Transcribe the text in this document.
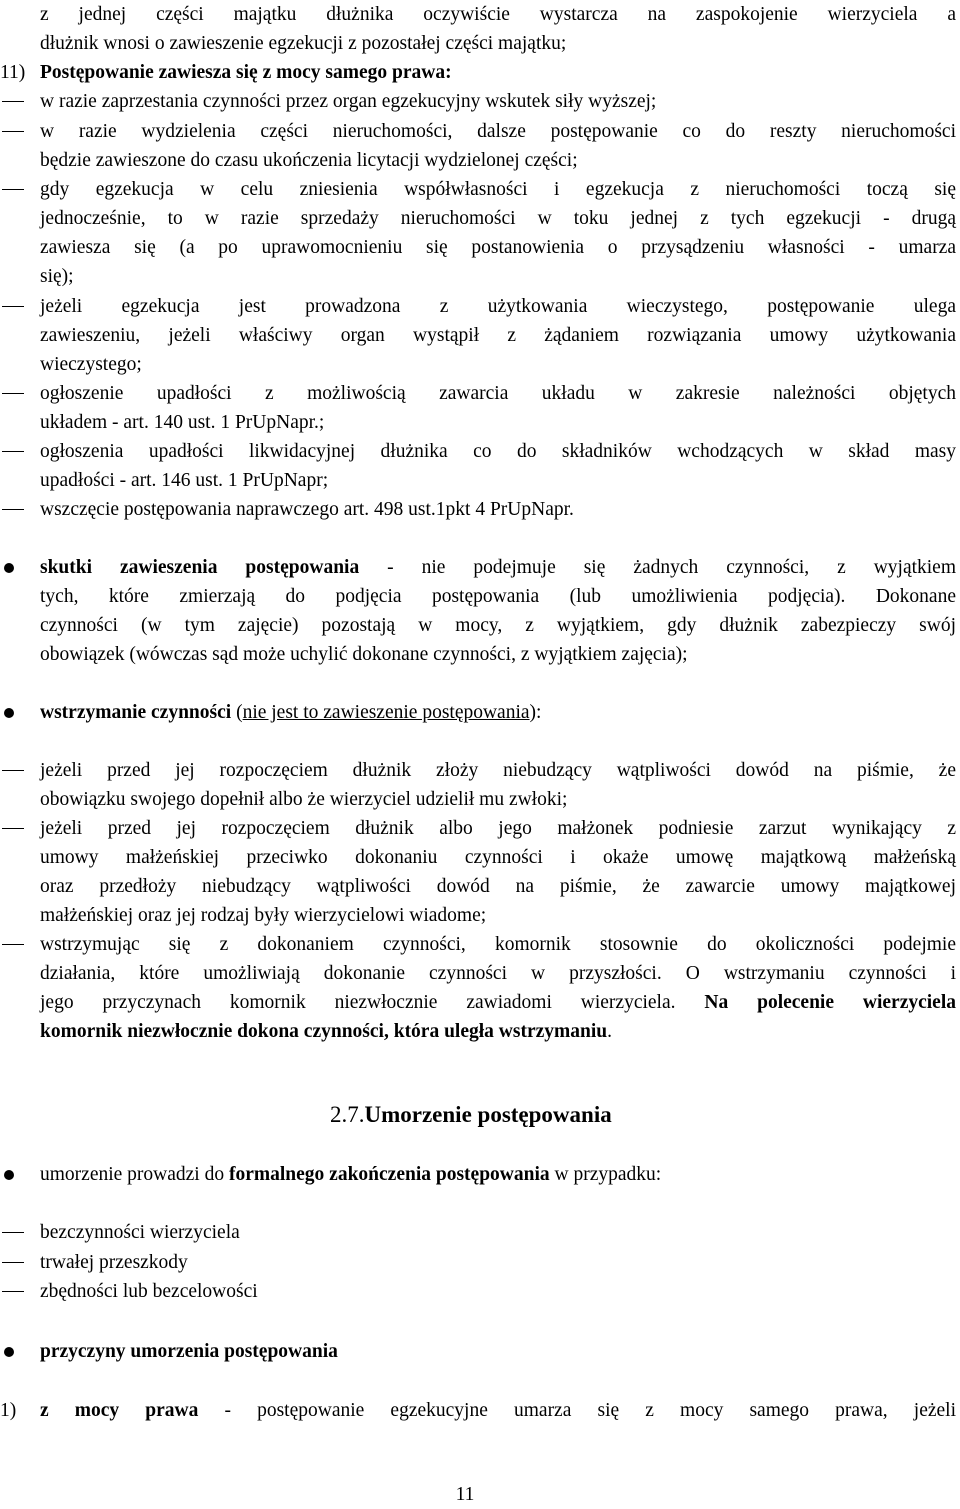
z jednej części majątku dłużnika oczywiście wystarcza na zaspokojenie wierzyciela a
dłużnik wnosi o zawieszenie egzekucji z pozostałej części majątku;
11) Postępowanie zawiesza się z mocy samego prawa:
w razie zaprzestania czynności przez organ egzekucyjny wskutek siły wyższej;
w razie wydzielenia części nieruchomości, dalsze postępowanie co do reszty nieruchomości
będzie zawieszone do czasu ukończenia licytacji wydzielonej części;
gdy egzekucja w celu zniesienia współwłasności i egzekucja z nieruchomości toczą się
jednocześnie, to w razie sprzedaży nieruchomości w toku jednej z tych egzekucji - drugą
zawiesza się (a po uprawomocnieniu się postanowienia o przysądzeniu własności - umarza
się);
jeżeli egzekucja jest prowadzona z użytkowania wieczystego, postępowanie ulega
zawieszeniu, jeżeli właściwy organ wystąpił z żądaniem rozwiązania umowy użytkowania
wieczystego;
ogłoszenie upadłości z możliwością zawarcia układu w zakresie należności objętych
układem - art. 140 ust. 1 PrUpNapr.;
ogłoszenia upadłości likwidacyjnej dłużnika co do składników wchodzących w skład masy
upadłości - art. 146 ust. 1 PrUpNapr;
wszczęcie postępowania naprawczego art. 498 ust.1pkt 4 PrUpNapr.
skutki zawieszenia postępowania - nie podejmuje się żadnych czynności, z wyjątkiem
tych, które zmierzają do podjęcia postępowania (lub umożliwienia podjęcia). Dokonane
czynności (w tym zajęcie) pozostają w mocy, z wyjątkiem, gdy dłużnik zabezpieczy swój
obowiązek (wówczas sąd może uchylić dokonane czynności, z wyjątkiem zajęcia);
wstrzymanie czynności (nie jest to zawieszenie postępowania):
jeżeli przed jej rozpoczęciem dłużnik złoży niebudzący wątpliwości dowód na piśmie, że
obowiązku swojego dopełnił albo że wierzyciel udzielił mu zwłoki;
jeżeli przed jej rozpoczęciem dłużnik albo jego małżonek podniesie zarzut wynikający z
umowy małżeńskiej przeciwko dokonaniu czynności i okaże umowę majątkową małżeńską
oraz przedłoży niebudzący wątpliwości dowód na piśmie, że zawarcie umowy majątkowej
małżeńskiej oraz jej rodzaj były wierzycielowi wiadome;
wstrzymując się z dokonaniem czynności, komornik stosownie do okoliczności podejmie
działania, które umożliwiają dokonanie czynności w przyszłości. O wstrzymaniu czynności i
jego przyczynach komornik niezwłocznie zawiadomi wierzyciela. Na polecenie wierzyciela
komornik niezwłocznie dokona czynności, która uległa wstrzymaniu.
2.7.Umorzenie postępowania
umorzenie prowadzi do formalnego zakończenia postępowania w przypadku:
bezczynności wierzyciela
trwałej przeszkody
zbędności lub bezcelowości
przyczyny umorzenia postępowania
1)	z mocy prawa - postępowanie egzekucyjne umarza się z mocy samego prawa, jeżeli
11
